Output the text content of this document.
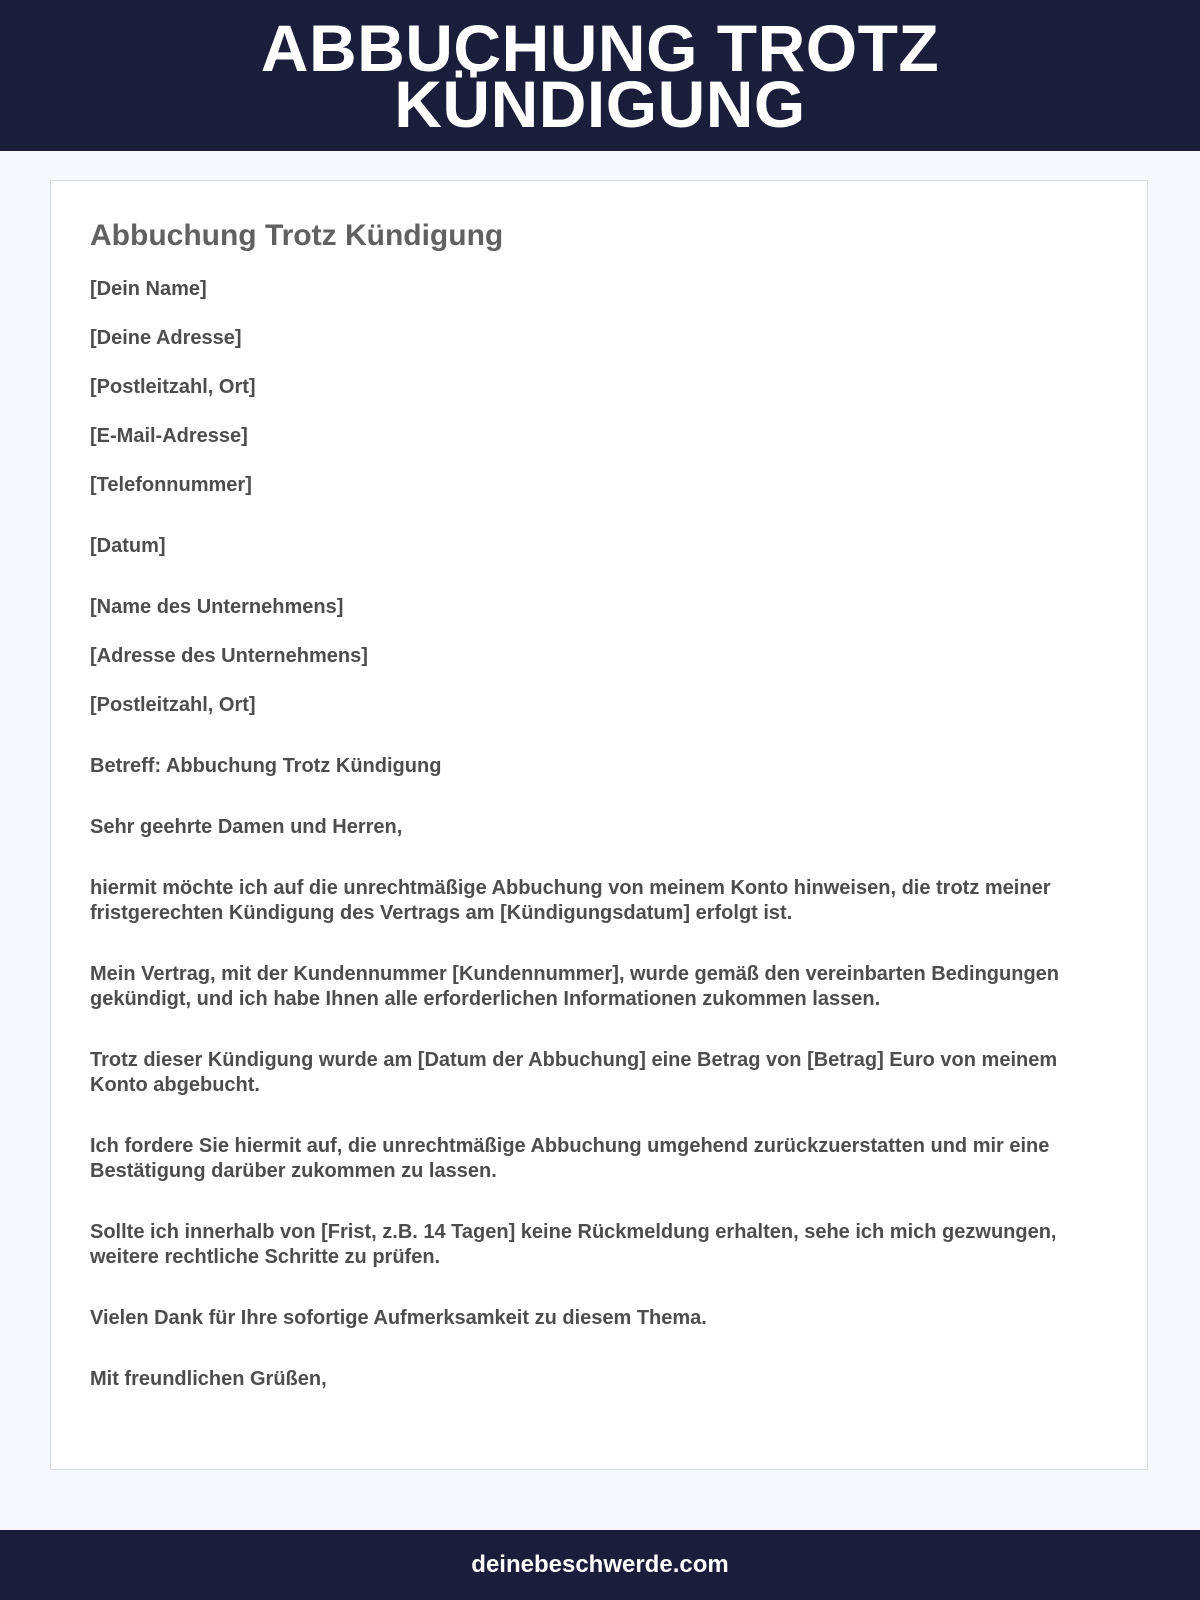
ABBUCHUNG TROTZ
KÜNDIGUNG
Abbuchung Trotz Kündigung

[Dein Name]

[Deine Adresse]

[Postleitzahl, Ort]

[E-Mail-Adresse]

[Telefonnummer]

[Datum]

[Name des Unternehmens]

[Adresse des Unternehmens]

[Postleitzahl, Ort]

Betreff: Abbuchung Trotz Kündigung

Sehr geehrte Damen und Herren,

hiermit möchte ich auf die unrechtmäßige Abbuchung von meinem Konto hinweisen, die trotz meiner fristgerechten Kündigung des Vertrags am [Kündigungsdatum] erfolgt ist.

Mein Vertrag, mit der Kundennummer [Kundennummer], wurde gemäß den vereinbarten Bedingungen gekündigt, und ich habe Ihnen alle erforderlichen Informationen zukommen lassen.

Trotz dieser Kündigung wurde am [Datum der Abbuchung] eine Betrag von [Betrag] Euro von meinem Konto abgebucht.

Ich fordere Sie hiermit auf, die unrechtmäßige Abbuchung umgehend zurückzuerstatten und mir eine Bestätigung darüber zukommen zu lassen.

Sollte ich innerhalb von [Frist, z.B. 14 Tagen] keine Rückmeldung erhalten, sehe ich mich gezwungen, weitere rechtliche Schritte zu prüfen.

Vielen Dank für Ihre sofortige Aufmerksamkeit zu diesem Thema.

Mit freundlichen Grüßen,

deinebeschwerde.com
